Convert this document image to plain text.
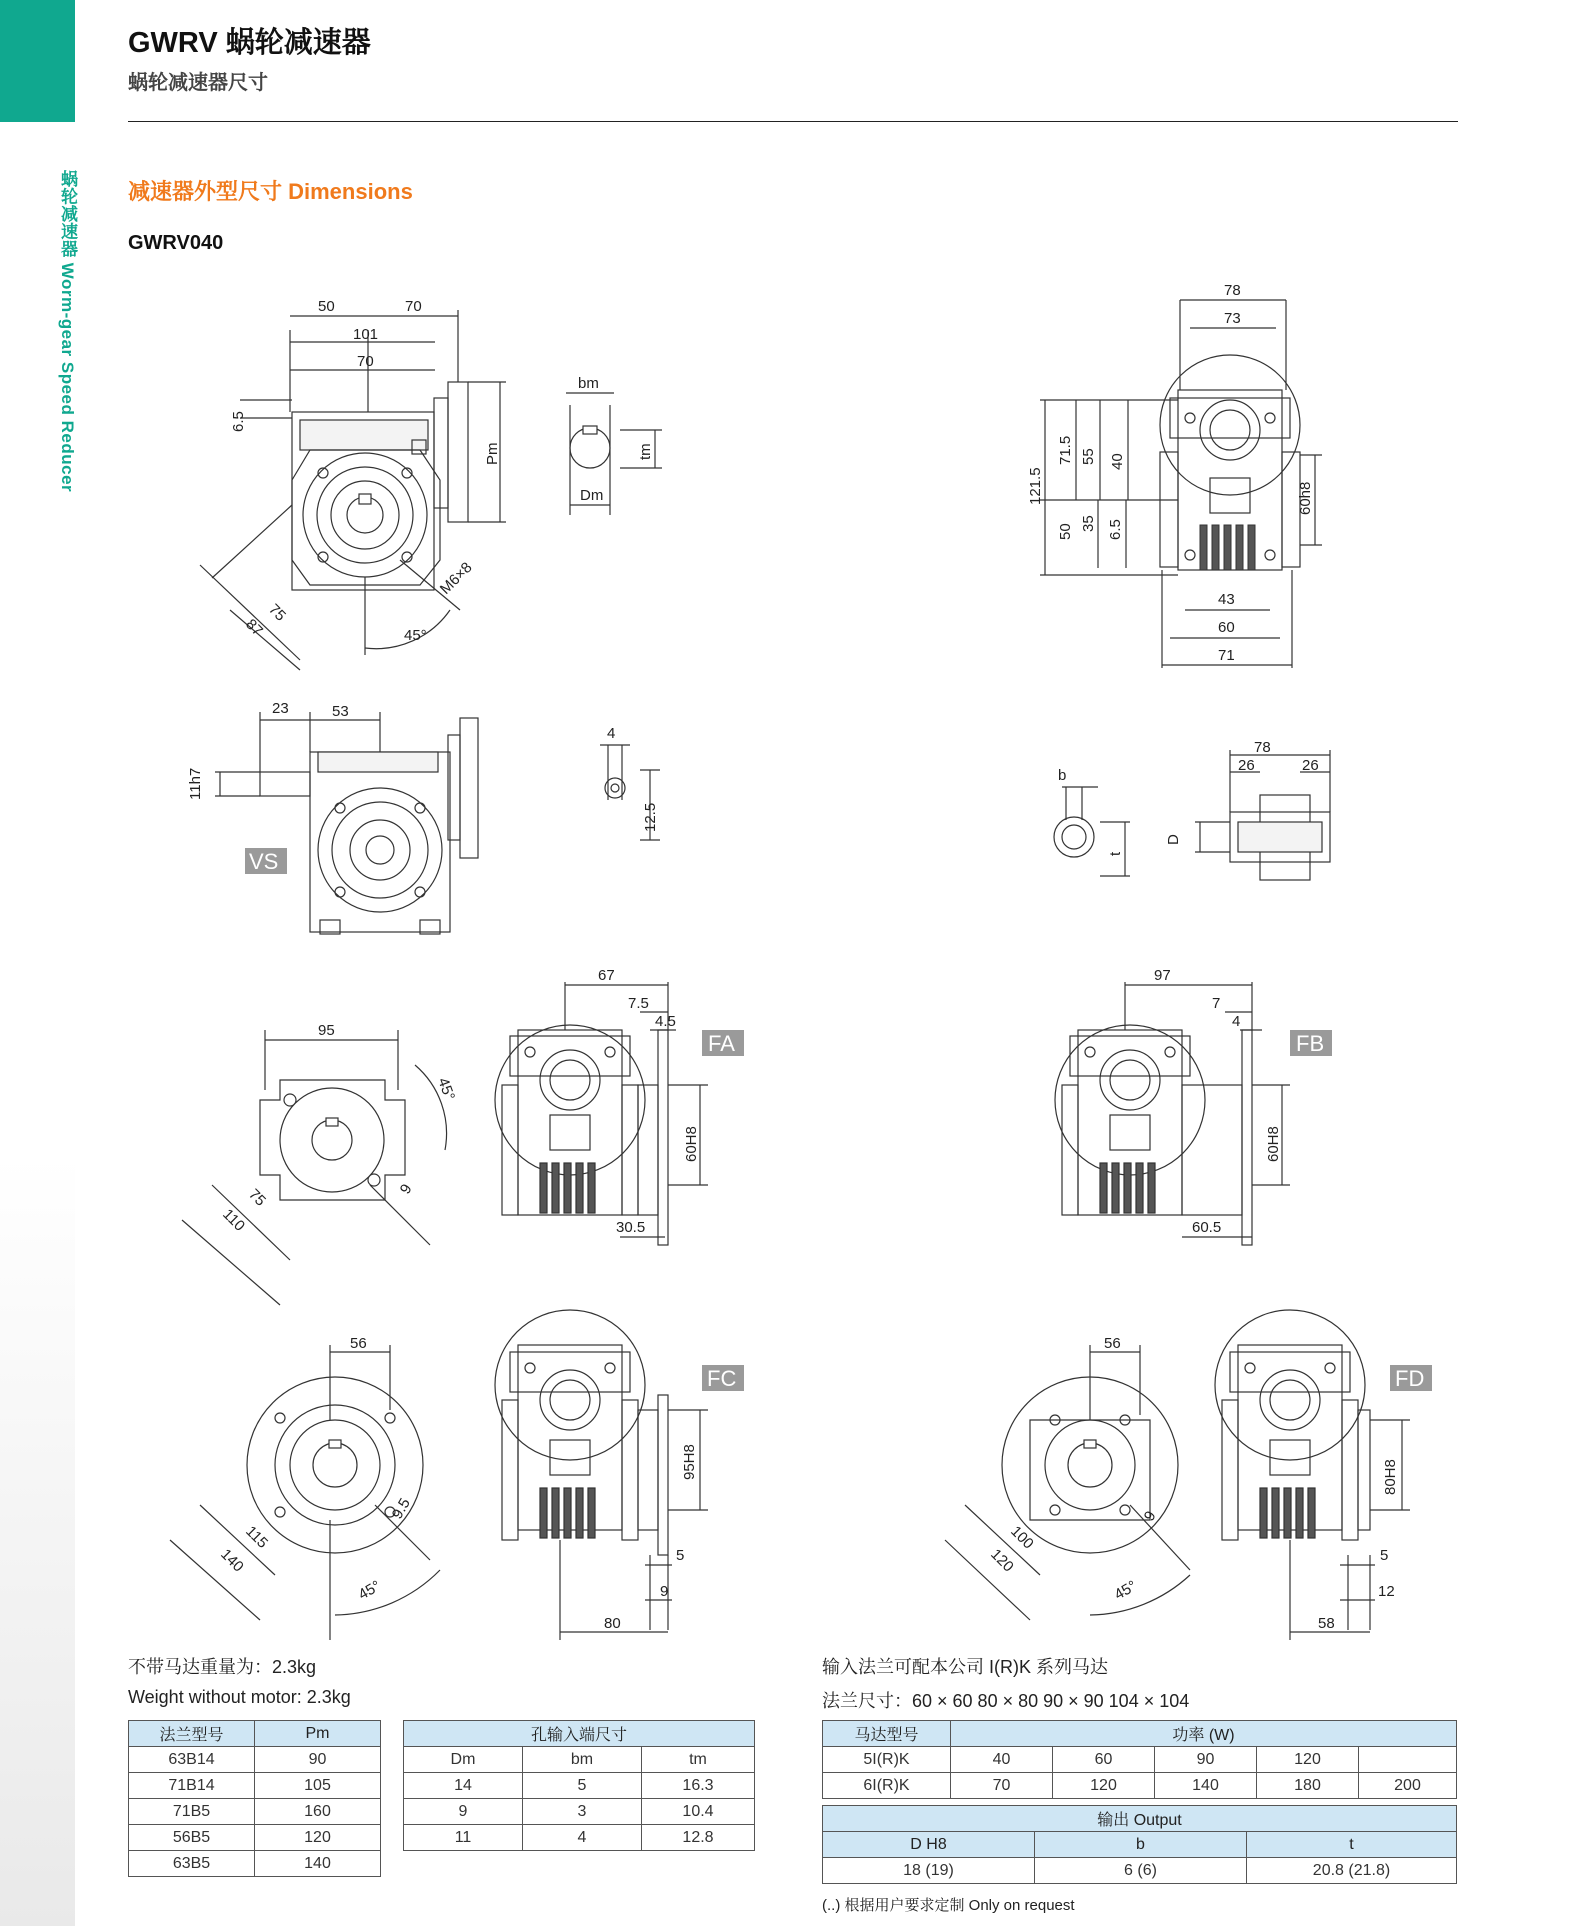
蜗轮减速器 Worm-gear Speed Reducer
GWRV 蜗轮减速器
蜗轮减速器尺寸
减速器外型尺寸 Dimensions
GWRV040
VS
FA	FB
FC	FD
50	70
101
70
6.5
Pm
75
87	45°
M6×8
bm
tm
Dm
78
73
121.5
71.5 55 40
50 35 6.5
60h8
43
60
71
23	53
11h7
4
12.5
b
t
D
78
26	26
95
45°
75
110
9
67
7.5
4.5
60H8
30.5
97
7
4
60H8
60.5
56
9.5
115
140
45°
95H8
5
9
80
56
9
100
120
45°
80H8
5
12
58
不带马达重量为：2.3kg
Weight without motor: 2.3kg
输入法兰可配本公司 I(R)K 系列马达
法兰尺寸：60 × 60 80 × 80 90 × 90 104 × 104
法兰型号	Pm
63B14	90
71B14	105
71B5	160
56B5	120
63B5	140
孔输入端尺寸		
Dm	bm	tm
14	5	16.3
9	3	10.4
11	4	12.8
马达型号	功率 (W)				
5I(R)K	40	60	90	120	
6I(R)K	70	120	140	180	200
输出 Output		
D H8	b	t
18 (19)	6 (6)	20.8 (21.8)
(..) 根据用户要求定制 Only on request
